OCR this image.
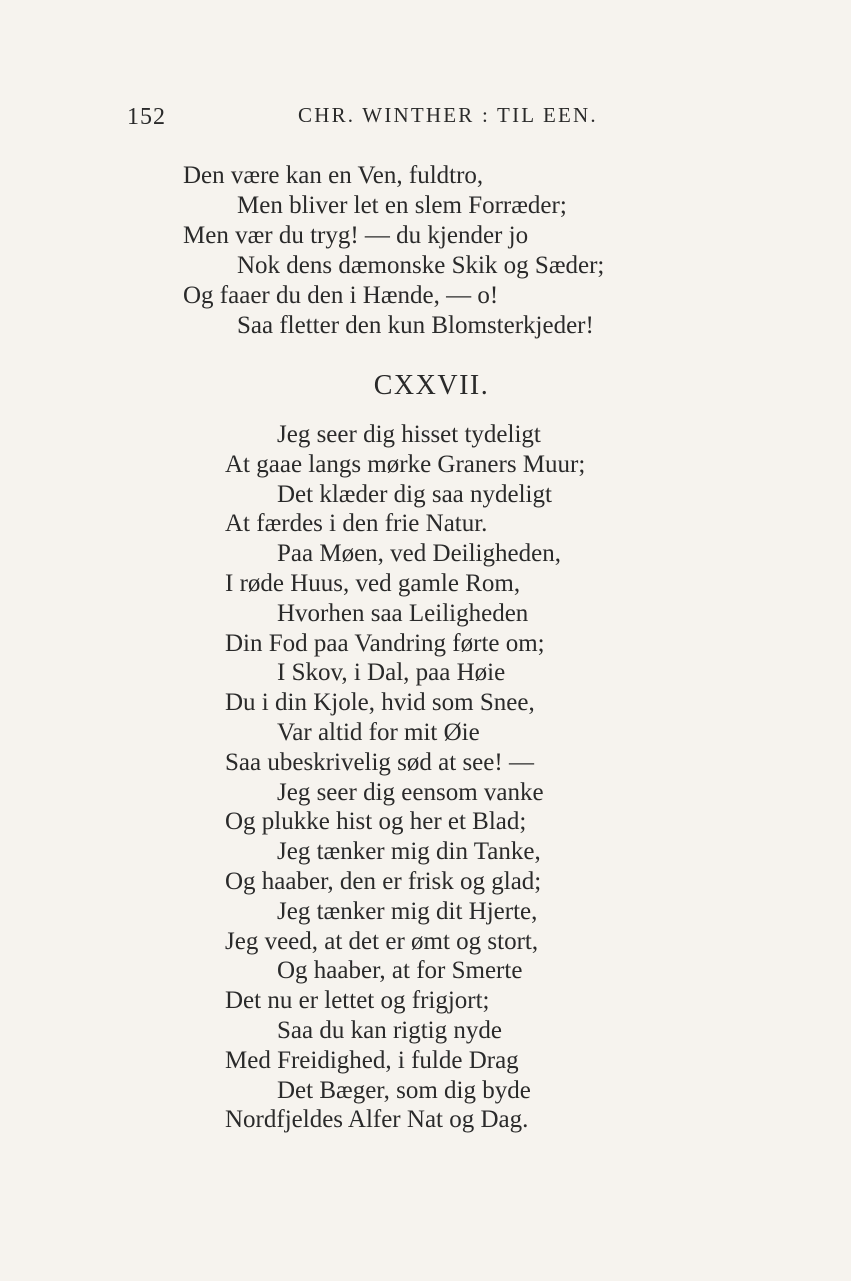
152	CHR. WINTHER : TIL EEN.
Den være kan en Ven, fuldtro,
Men bliver let en slem Forræder;
Men vær du tryg! — du kjender jo
Nok dens dæmonske Skik og Sæder;
Og faaer du den i Hænde, — o!
Saa fletter den kun Blomsterkjeder!
CXXVII.
Jeg seer dig hisset tydeligt
At gaae langs mørke Graners Muur;
Det klæder dig saa nydeligt
At færdes i den frie Natur.
Paa Møen, ved Deiligheden,
I røde Huus, ved gamle Rom,
Hvorhen saa Leiligheden
Din Fod paa Vandring førte om;
I Skov, i Dal, paa Høie
Du i din Kjole, hvid som Snee,
Var altid for mit Øie
Saa ubeskrivelig sød at see! —
Jeg seer dig eensom vanke
Og plukke hist og her et Blad;
Jeg tænker mig din Tanke,
Og haaber, den er frisk og glad;
Jeg tænker mig dit Hjerte,
Jeg veed, at det er ømt og stort,
Og haaber, at for Smerte
Det nu er lettet og frigjort;
Saa du kan rigtig nyde
Med Freidighed, i fulde Drag
Det Bæger, som dig byde
Nordfjeldes Alfer Nat og Dag.
